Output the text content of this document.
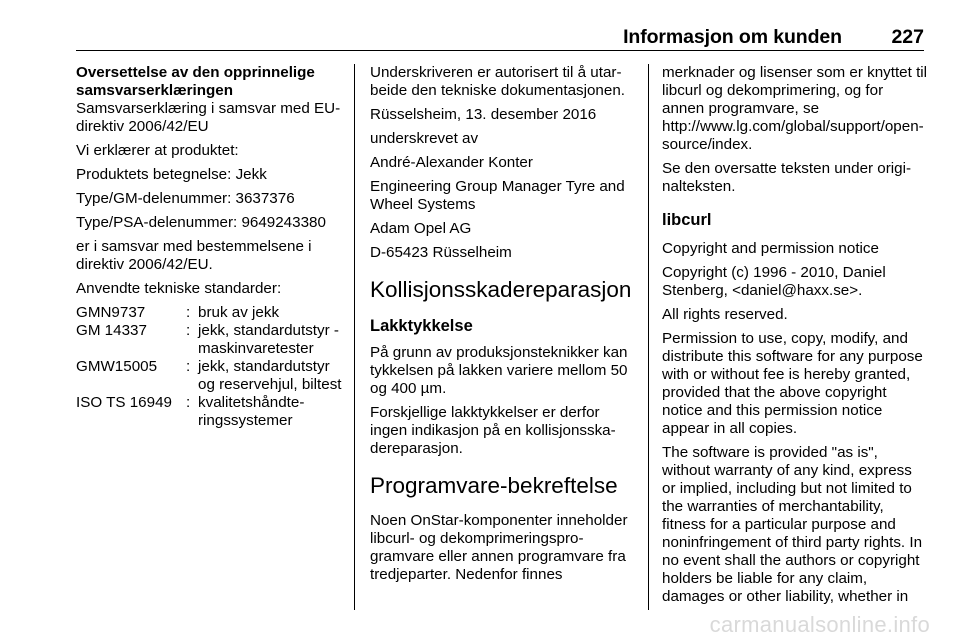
Informasjon om kunden	227

Oversettelse av den opprinnelige samsvarserklæringen

Samsvarserklæring i samsvar med EU-direktiv 2006/42/EU

Vi erklærer at produktet:

Produktets betegnelse: Jekk

Type/GM-delenummer: 3637376

Type/PSA-delenummer: 9649243380

er i samsvar med bestemmelsene i direktiv 2006/42/EU.

Anvendte tekniske standarder:

GMN9737	:	bruk av jekk
GM 14337	:	jekk, standardutstyr - maskinvaretester
GMW15005	:	jekk, standardutstyr og reservehjul, biltest
ISO TS 16949	:	kvalitetshåndteringssystemer

Underskriveren er autorisert til å utarbeide den tekniske dokumentasjonen.

Rüsselsheim, 13. desember 2016

underskrevet av

André-Alexander Konter

Engineering Group Manager Tyre and Wheel Systems

Adam Opel AG

D-65423 Rüsselheim

Kollisjonsskadereparasjon
Lakktykkelse

På grunn av produksjonsteknikker kan tykkelsen på lakken variere mellom 50 og 400 µm.

Forskjellige lakktykkelser er derfor ingen indikasjon på en kollisjonsskadereparasjon.

Programvare-bekreftelse

Noen OnStar-komponenter inneholder libcurl- og dekomprimeringsprogramvare eller annen programvare fra tredjeparter. Nedenfor finnes

merknader og lisenser som er knyttet til libcurl og dekomprimering, og for annen programvare, se http://www.lg.com/global/support/opensource/index.

Se den oversatte teksten under originalteksten.

libcurl

Copyright and permission notice

Copyright (c) 1996 - 2010, Daniel Stenberg, <daniel@haxx.se>.

All rights reserved.

Permission to use, copy, modify, and distribute this software for any purpose with or without fee is hereby granted, provided that the above copyright notice and this permission notice appear in all copies.

The software is provided "as is", without warranty of any kind, express or implied, including but not limited to the warranties of merchantability, fitness for a particular purpose and noninfringement of third party rights. In no event shall the authors or copyright holders be liable for any claim, damages or other liability, whether in

carmanualsonline.info
